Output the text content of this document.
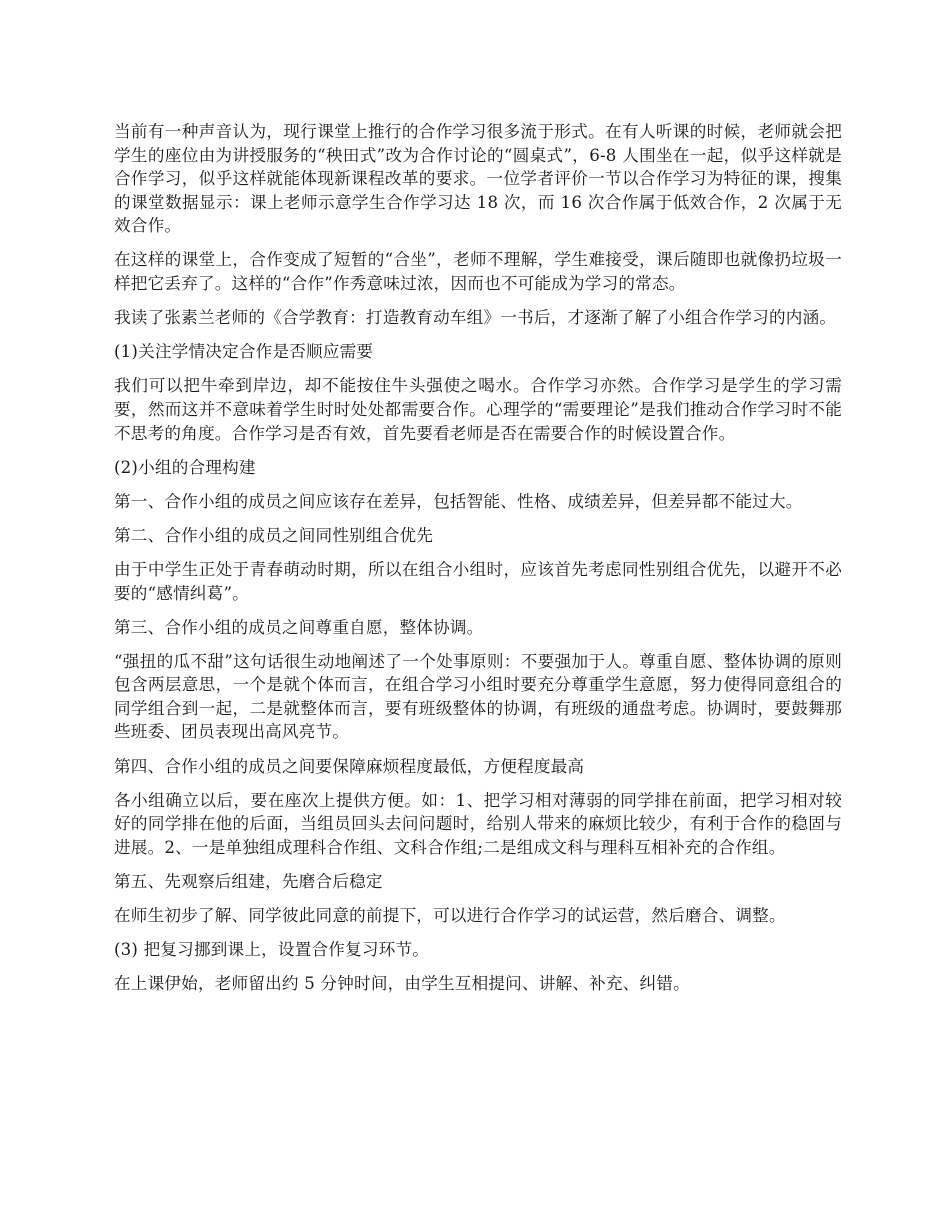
当前有一种声音认为，现行课堂上推行的合作学习很多流于形式。在有人听课的时候，老师就会把学生的座位由为讲授服务的“秧田式”改为合作讨论的“圆桌式”，6-8 人围坐在一起，似乎这样就是合作学习，似乎这样就能体现新课程改革的要求。一位学者评价一节以合作学习为特征的课，搜集的课堂数据显示：课上老师示意学生合作学习达 18 次，而 16 次合作属于低效合作，2 次属于无效合作。

在这样的课堂上，合作变成了短暂的“合坐”，老师不理解，学生难接受，课后随即也就像扔垃圾一样把它丢弃了。这样的“合作”作秀意味过浓，因而也不可能成为学习的常态。

我读了张素兰老师的《合学教育：打造教育动车组》一书后，才逐渐了解了小组合作学习的内涵。

(1)关注学情决定合作是否顺应需要

我们可以把牛牵到岸边，却不能按住牛头强使之喝水。合作学习亦然。合作学习是学生的学习需要，然而这并不意味着学生时时处处都需要合作。心理学的“需要理论”是我们推动合作学习时不能不思考的角度。合作学习是否有效，首先要看老师是否在需要合作的时候设置合作。

(2)小组的合理构建

第一、合作小组的成员之间应该存在差异，包括智能、性格、成绩差异，但差异都不能过大。

第二、合作小组的成员之间同性别组合优先

由于中学生正处于青春萌动时期，所以在组合小组时，应该首先考虑同性别组合优先，以避开不必要的“感情纠葛”。

第三、合作小组的成员之间尊重自愿，整体协调。

“强扭的瓜不甜”这句话很生动地阐述了一个处事原则：不要强加于人。尊重自愿、整体协调的原则包含两层意思，一个是就个体而言，在组合学习小组时要充分尊重学生意愿，努力使得同意组合的同学组合到一起，二是就整体而言，要有班级整体的协调，有班级的通盘考虑。协调时，要鼓舞那些班委、团员表现出高风亮节。

第四、合作小组的成员之间要保障麻烦程度最低，方便程度最高

各小组确立以后，要在座次上提供方便。如：1、把学习相对薄弱的同学排在前面，把学习相对较好的同学排在他的后面，当组员回头去问问题时，给别人带来的麻烦比较少，有利于合作的稳固与进展。2、一是单独组成理科合作组、文科合作组;二是组成文科与理科互相补充的合作组。

第五、先观察后组建，先磨合后稳定

在师生初步了解、同学彼此同意的前提下，可以进行合作学习的试运营，然后磨合、调整。

(3) 把复习挪到课上，设置合作复习环节。

在上课伊始，老师留出约 5 分钟时间，由学生互相提问、讲解、补充、纠错。
